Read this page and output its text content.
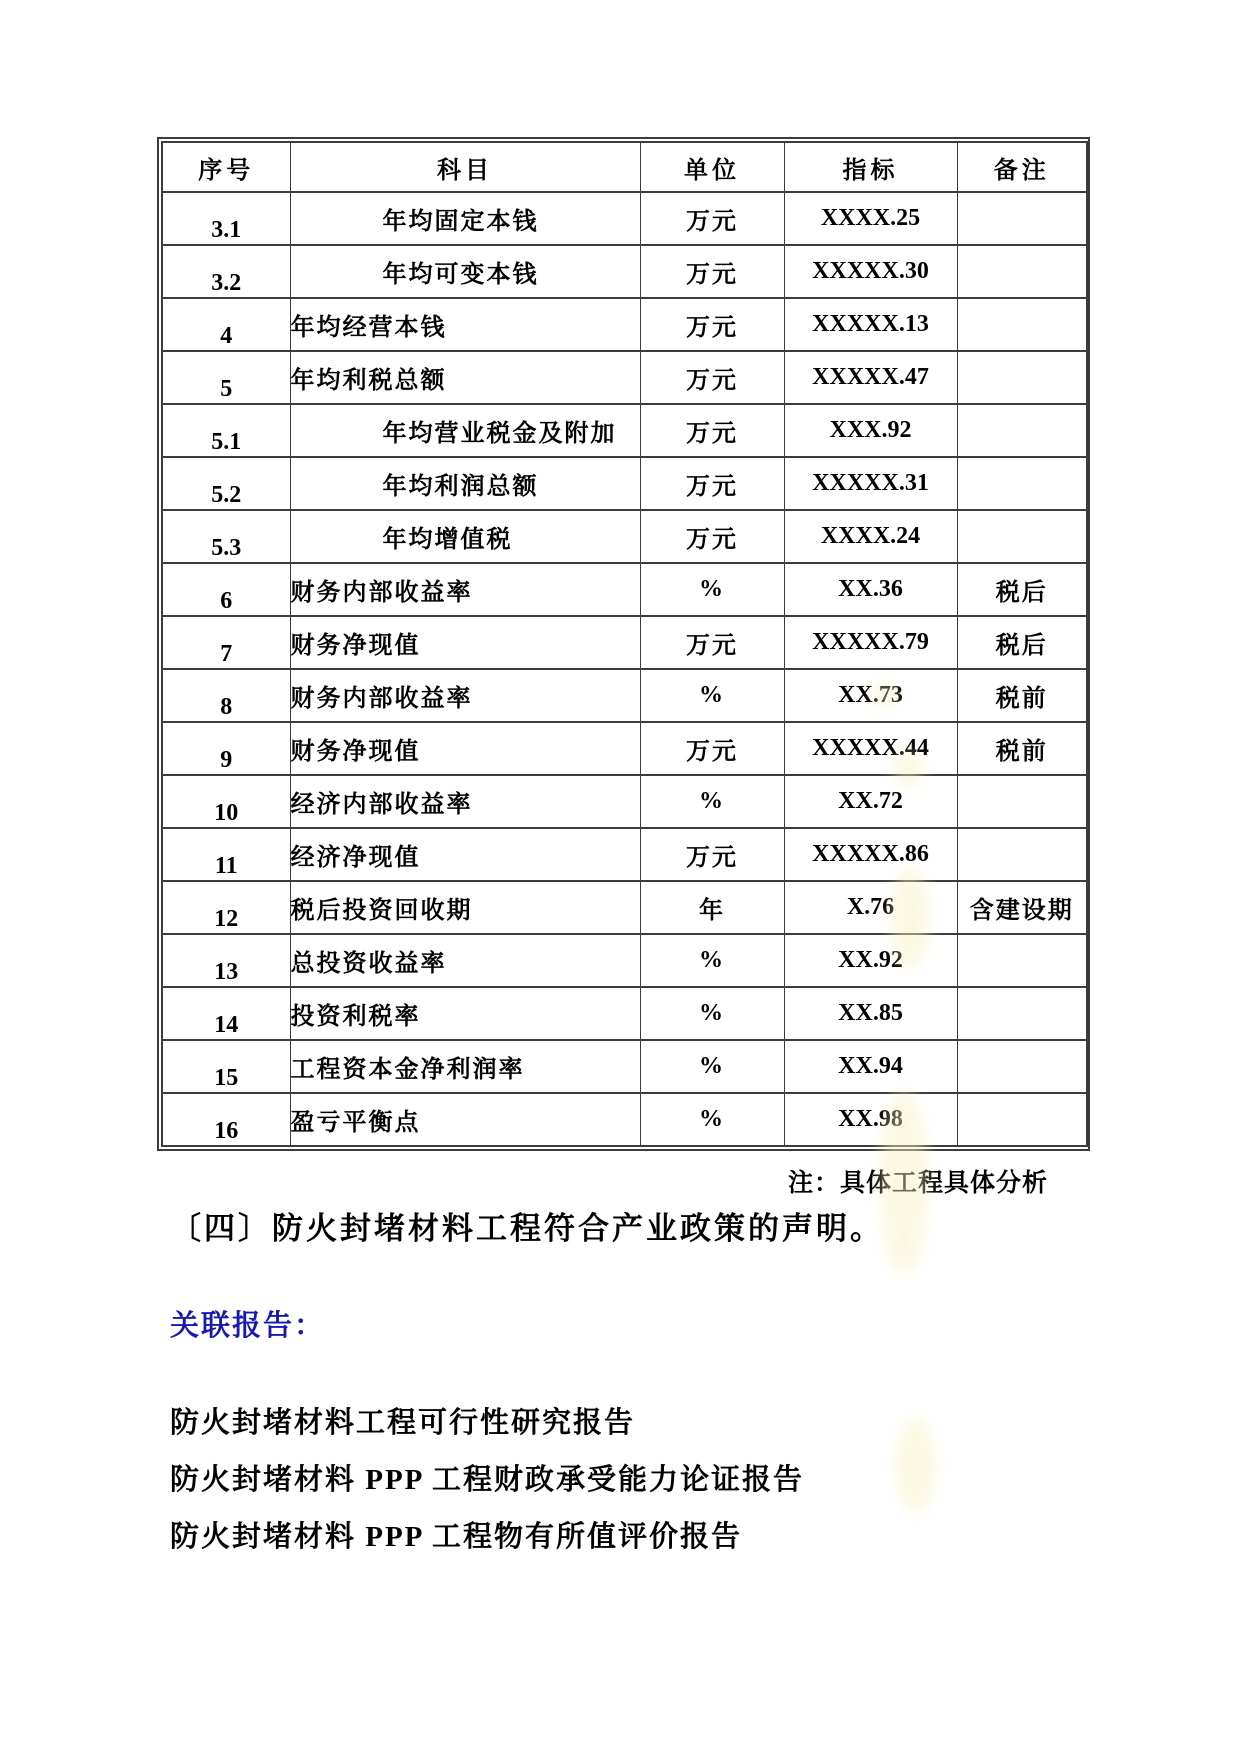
序号	科目	单位	指标	备注
3.1	年均固定本钱	万元	XXXX.25	
3.2	年均可变本钱	万元	XXXXX.30	
4	年均经营本钱	万元	XXXXX.13	
5	年均利税总额	万元	XXXXX.47	
5.1	年均营业税金及附加	万元	XXX.92	
5.2	年均利润总额	万元	XXXXX.31	
5.3	年均增值税	万元	XXXX.24	
6	财务内部收益率	%	XX.36	税后
7	财务净现值	万元	XXXXX.79	税后
8	财务内部收益率	%	XX.73	税前
9	财务净现值	万元	XXXXX.44	税前
10	经济内部收益率	%	XX.72	
11	经济净现值	万元	XXXXX.86	
12	税后投资回收期	年	X.76	含建设期
13	总投资收益率	%	XX.92	
14	投资利税率	%	XX.85	
15	工程资本金净利润率	%	XX.94	
16	盈亏平衡点	%	XX.98	
注：具体工程具体分析
〔四〕防火封堵材料工程符合产业政策的声明。
关联报告：
防火封堵材料工程可行性研究报告
防火封堵材料 PPP 工程财政承受能力论证报告
防火封堵材料 PPP 工程物有所值评价报告
